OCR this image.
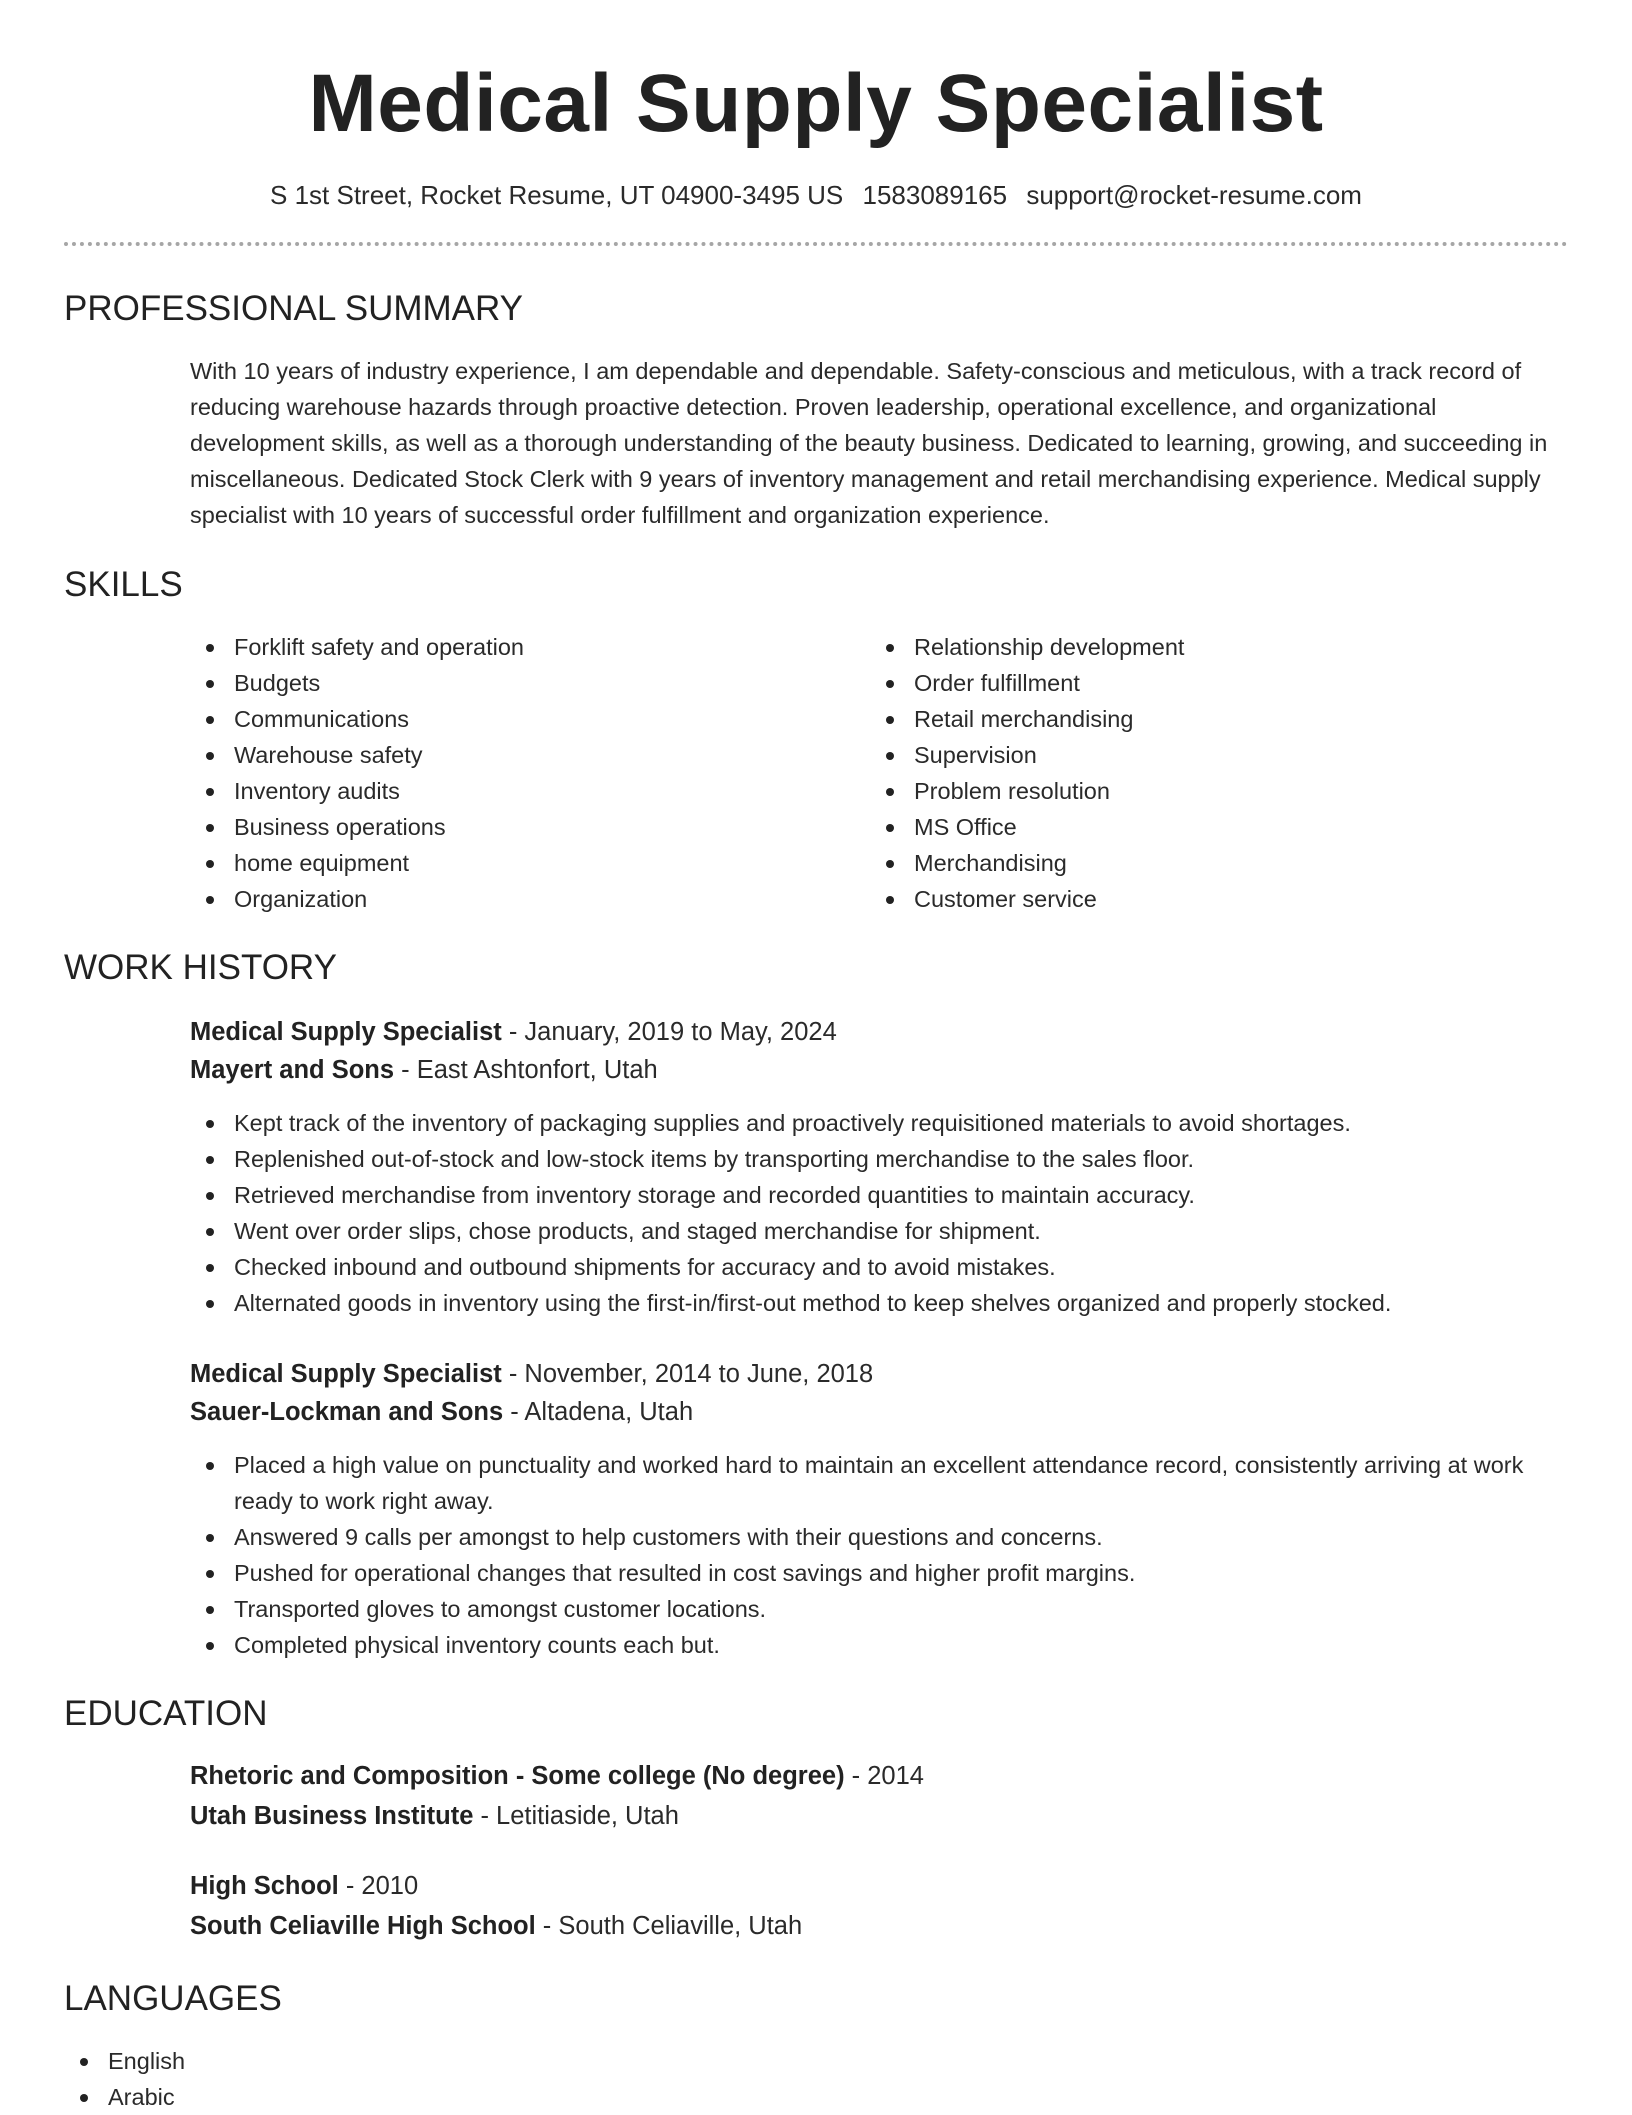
Medical Supply Specialist
S 1st Street, Rocket Resume, UT 04900-3495 US 1583089165 support@rocket-resume.com
PROFESSIONAL SUMMARY
With 10 years of industry experience, I am dependable and dependable. Safety-conscious and meticulous, with a track record of reducing warehouse hazards through proactive detection. Proven leadership, operational excellence, and organizational development skills, as well as a thorough understanding of the beauty business. Dedicated to learning, growing, and succeeding in miscellaneous. Dedicated Stock Clerk with 9 years of inventory management and retail merchandising experience. Medical supply specialist with 10 years of successful order fulfillment and organization experience.
SKILLS
Forklift safety and operation
Budgets
Communications
Warehouse safety
Inventory audits
Business operations
home equipment
Organization
Relationship development
Order fulfillment
Retail merchandising
Supervision
Problem resolution
MS Office
Merchandising
Customer service
WORK HISTORY
Medical Supply Specialist - January, 2019 to May, 2024
Mayert and Sons - East Ashtonfort, Utah
Kept track of the inventory of packaging supplies and proactively requisitioned materials to avoid shortages.
Replenished out-of-stock and low-stock items by transporting merchandise to the sales floor.
Retrieved merchandise from inventory storage and recorded quantities to maintain accuracy.
Went over order slips, chose products, and staged merchandise for shipment.
Checked inbound and outbound shipments for accuracy and to avoid mistakes.
Alternated goods in inventory using the first-in/first-out method to keep shelves organized and properly stocked.
Medical Supply Specialist - November, 2014 to June, 2018
Sauer-Lockman and Sons - Altadena, Utah
Placed a high value on punctuality and worked hard to maintain an excellent attendance record, consistently arriving at work ready to work right away.
Answered 9 calls per amongst to help customers with their questions and concerns.
Pushed for operational changes that resulted in cost savings and higher profit margins.
Transported gloves to amongst customer locations.
Completed physical inventory counts each but.
EDUCATION
Rhetoric and Composition - Some college (No degree) - 2014
Utah Business Institute - Letitiaside, Utah
High School - 2010
South Celiaville High School - South Celiaville, Utah
LANGUAGES
English
Arabic
